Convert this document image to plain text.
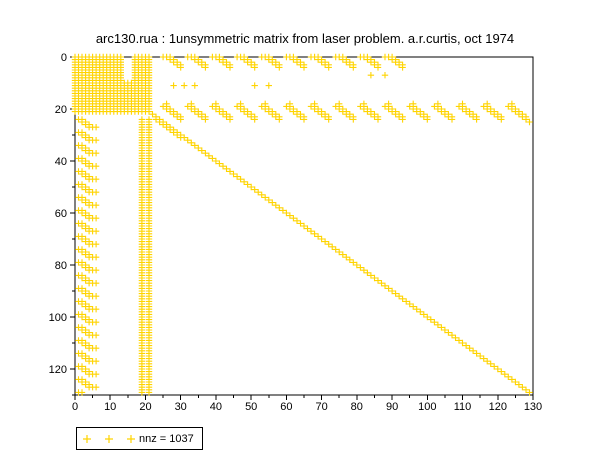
arc130.rua : 1unsymmetric matrix from laser problem. a.r.curtis, oct 1974
0 10 20 30 40 50 60 70 80 90 100 110 120 130
0
20
40
60
80
100
120
nnz = 1037
